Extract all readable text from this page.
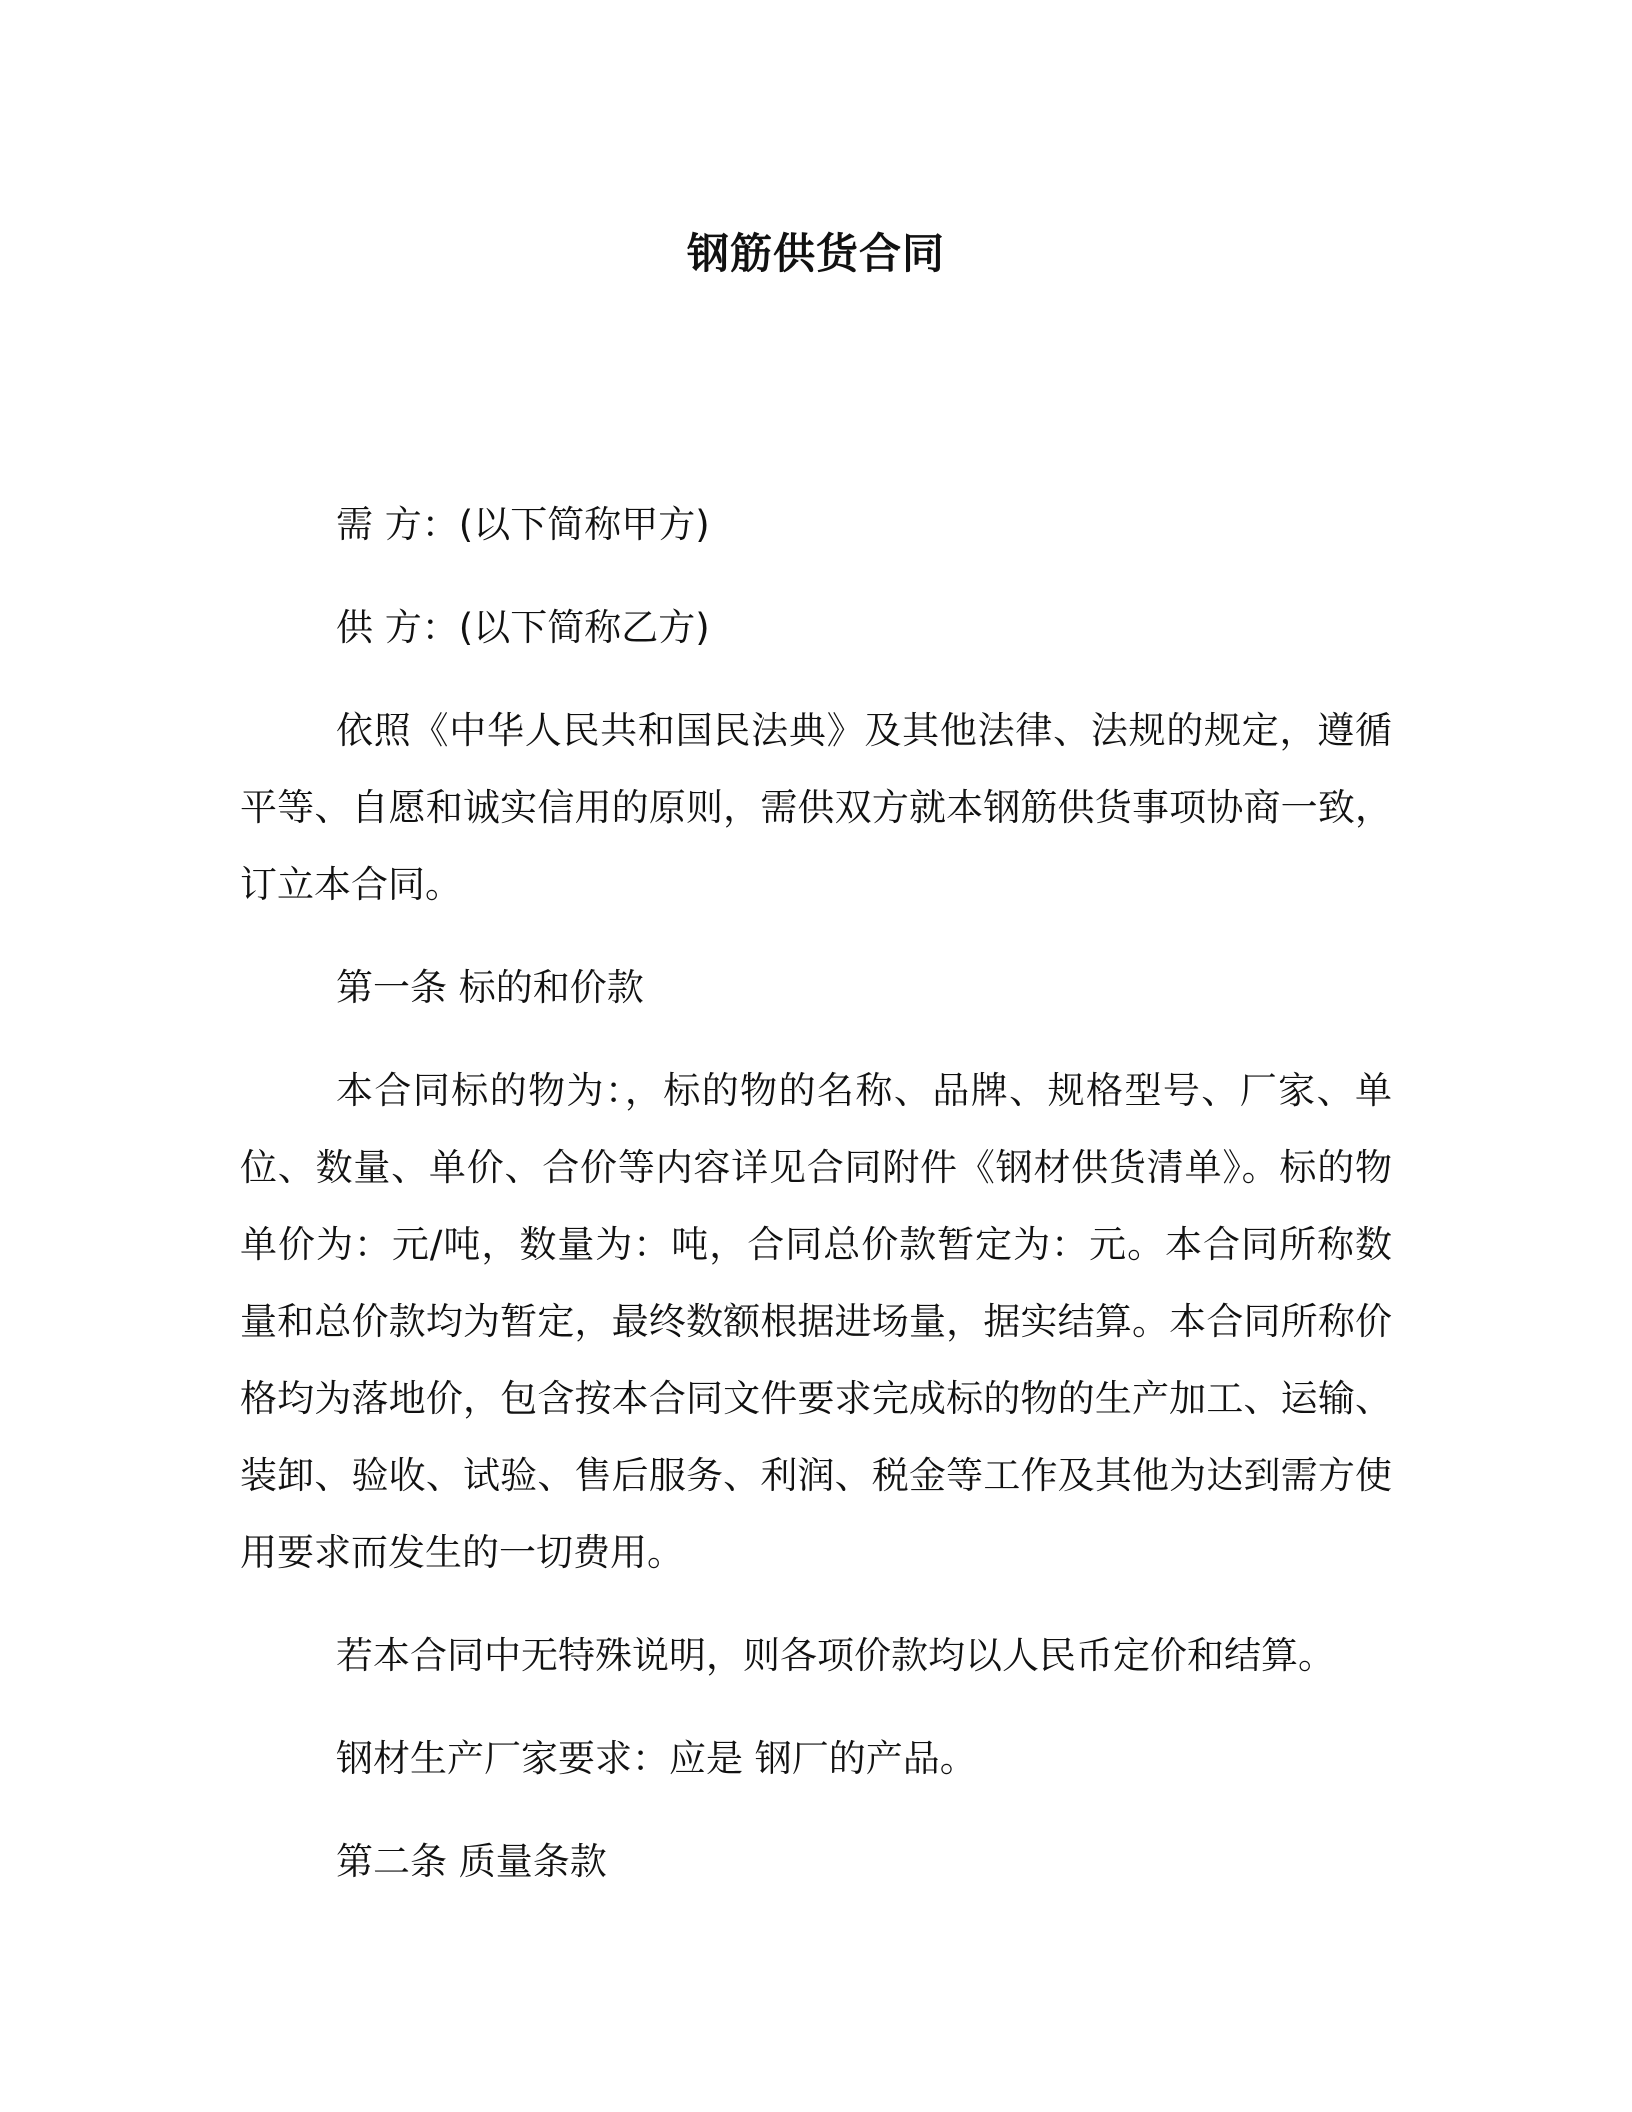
钢筋供货合同

需 方：(以下简称甲方)

供 方：(以下简称乙方)

依照《中华人民共和国民法典》及其他法律、法规的规定，遵循平等、自愿和诚实信用的原则，需供双方就本钢筋供货事项协商一致，订立本合同。

第一条 标的和价款

本合同标的物为：，标的物的名称、品牌、规格型号、厂家、单位、数量、单价、合价等内容详见合同附件《钢材供货清单》。标的物单价为：元/吨，数量为：吨，合同总价款暂定为：元。本合同所称数量和总价款均为暂定，最终数额根据进场量，据实结算。本合同所称价格均为落地价，包含按本合同文件要求完成标的物的生产加工、运输、装卸、验收、试验、售后服务、利润、税金等工作及其他为达到需方使用要求而发生的一切费用。

若本合同中无特殊说明，则各项价款均以人民币定价和结算。

钢材生产厂家要求：应是 钢厂的产品。

第二条 质量条款
